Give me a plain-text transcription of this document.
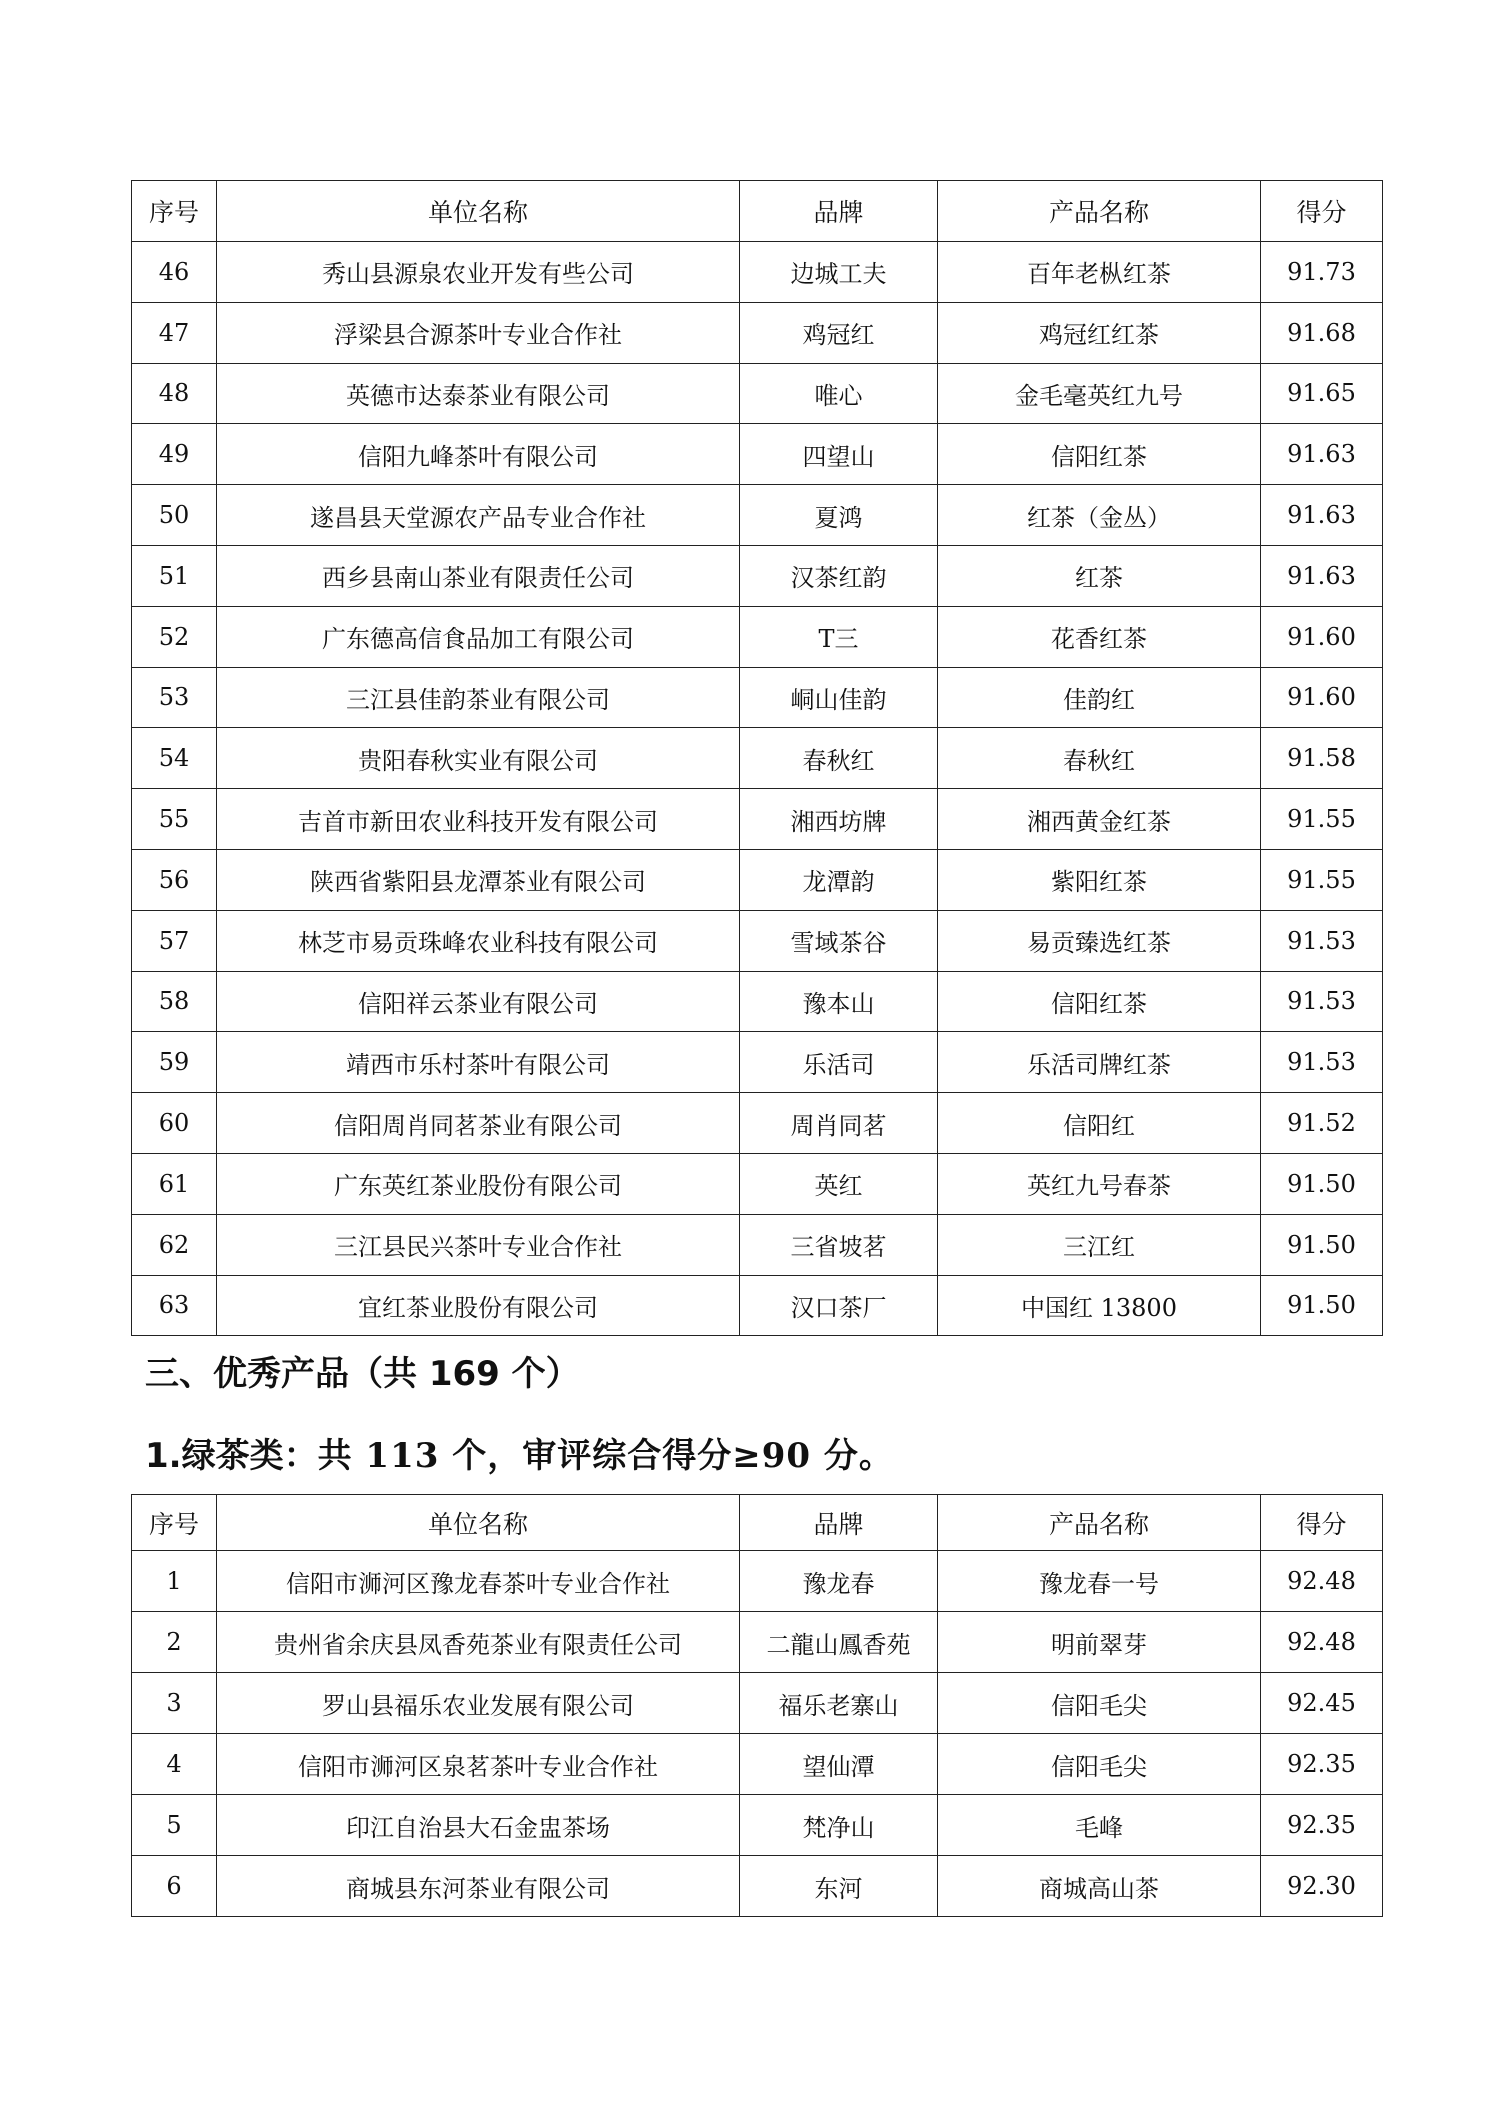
序号	单位名称	品牌	产品名称	得分
46	秀山县源泉农业开发有些公司	边城工夫	百年老枞红茶	91.73
47	浮梁县合源茶叶专业合作社	鸡冠红	鸡冠红红茶	91.68
48	英德市达泰茶业有限公司	唯心	金毛毫英红九号	91.65
49	信阳九峰茶叶有限公司	四望山	信阳红茶	91.63
50	遂昌县天堂源农产品专业合作社	夏鸿	红茶（金丛）	91.63
51	西乡县南山茶业有限责任公司	汉茶红韵	红茶	91.63
52	广东德高信食品加工有限公司	T三	花香红茶	91.60
53	三江县佳韵茶业有限公司	峒山佳韵	佳韵红	91.60
54	贵阳春秋实业有限公司	春秋红	春秋红	91.58
55	吉首市新田农业科技开发有限公司	湘西坊牌	湘西黄金红茶	91.55
56	陕西省紫阳县龙潭茶业有限公司	龙潭韵	紫阳红茶	91.55
57	林芝市易贡珠峰农业科技有限公司	雪域茶谷	易贡臻选红茶	91.53
58	信阳祥云茶业有限公司	豫本山	信阳红茶	91.53
59	靖西市乐村茶叶有限公司	乐活司	乐活司牌红茶	91.53
60	信阳周肖同茗茶业有限公司	周肖同茗	信阳红	91.52
61	广东英红茶业股份有限公司	英红	英红九号春茶	91.50
62	三江县民兴茶叶专业合作社	三省坡茗	三江红	91.50
63	宜红茶业股份有限公司	汉口茶厂	中国红 13800	91.50
三、优秀产品（共 169 个）
1.绿茶类：共 113 个，审评综合得分≥90 分。
序号	单位名称	品牌	产品名称	得分
1	信阳市浉河区豫龙春茶叶专业合作社	豫龙春	豫龙春一号	92.48
2	贵州省余庆县凤香苑茶业有限责任公司	二龍山鳳香苑	明前翠芽	92.48
3	罗山县福乐农业发展有限公司	福乐老寨山	信阳毛尖	92.45
4	信阳市浉河区泉茗茶叶专业合作社	望仙潭	信阳毛尖	92.35
5	印江自治县大石金盅茶场	梵净山	毛峰	92.35
6	商城县东河茶业有限公司	东河	商城高山茶	92.30
